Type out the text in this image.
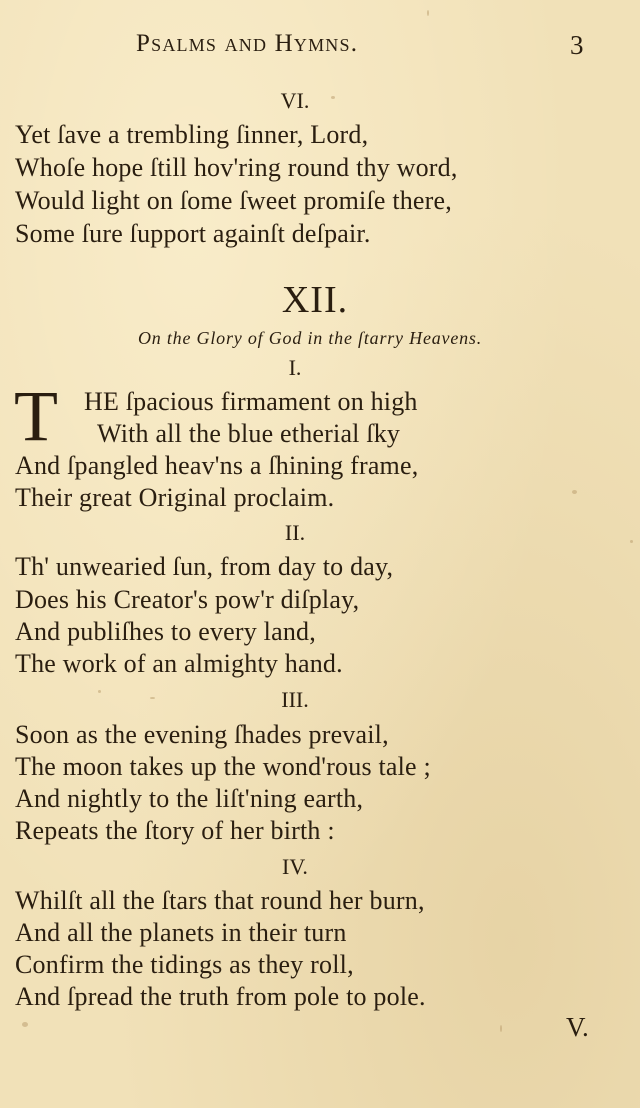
Psalms and Hymns.	3
VI.
Yet ſave a trembling ſinner, Lord,
Whoſe hope ſtill hov'ring round thy word,
Would light on ſome ſweet promiſe there,
Some ſure ſupport againſt deſpair.
XII.
On the Glory of God in the ſtarry Heavens.
I.
T HE ſpacious firmament on high
With all the blue etherial ſky
And ſpangled heav'ns a ſhining frame,
Their great Original proclaim.
II.
Th' unwearied ſun, from day to day,
Does his Creator's pow'r diſplay,
And publiſhes to every land,
The work of an almighty hand.
III.
Soon as the evening ſhades prevail,
The moon takes up the wond'rous tale ;
And nightly to the liſt'ning earth,
Repeats the ſtory of her birth :
IV.
Whilſt all the ſtars that round her burn,
And all the planets in their turn
Confirm the tidings as they roll,
And ſpread the truth from pole to pole.
V.
